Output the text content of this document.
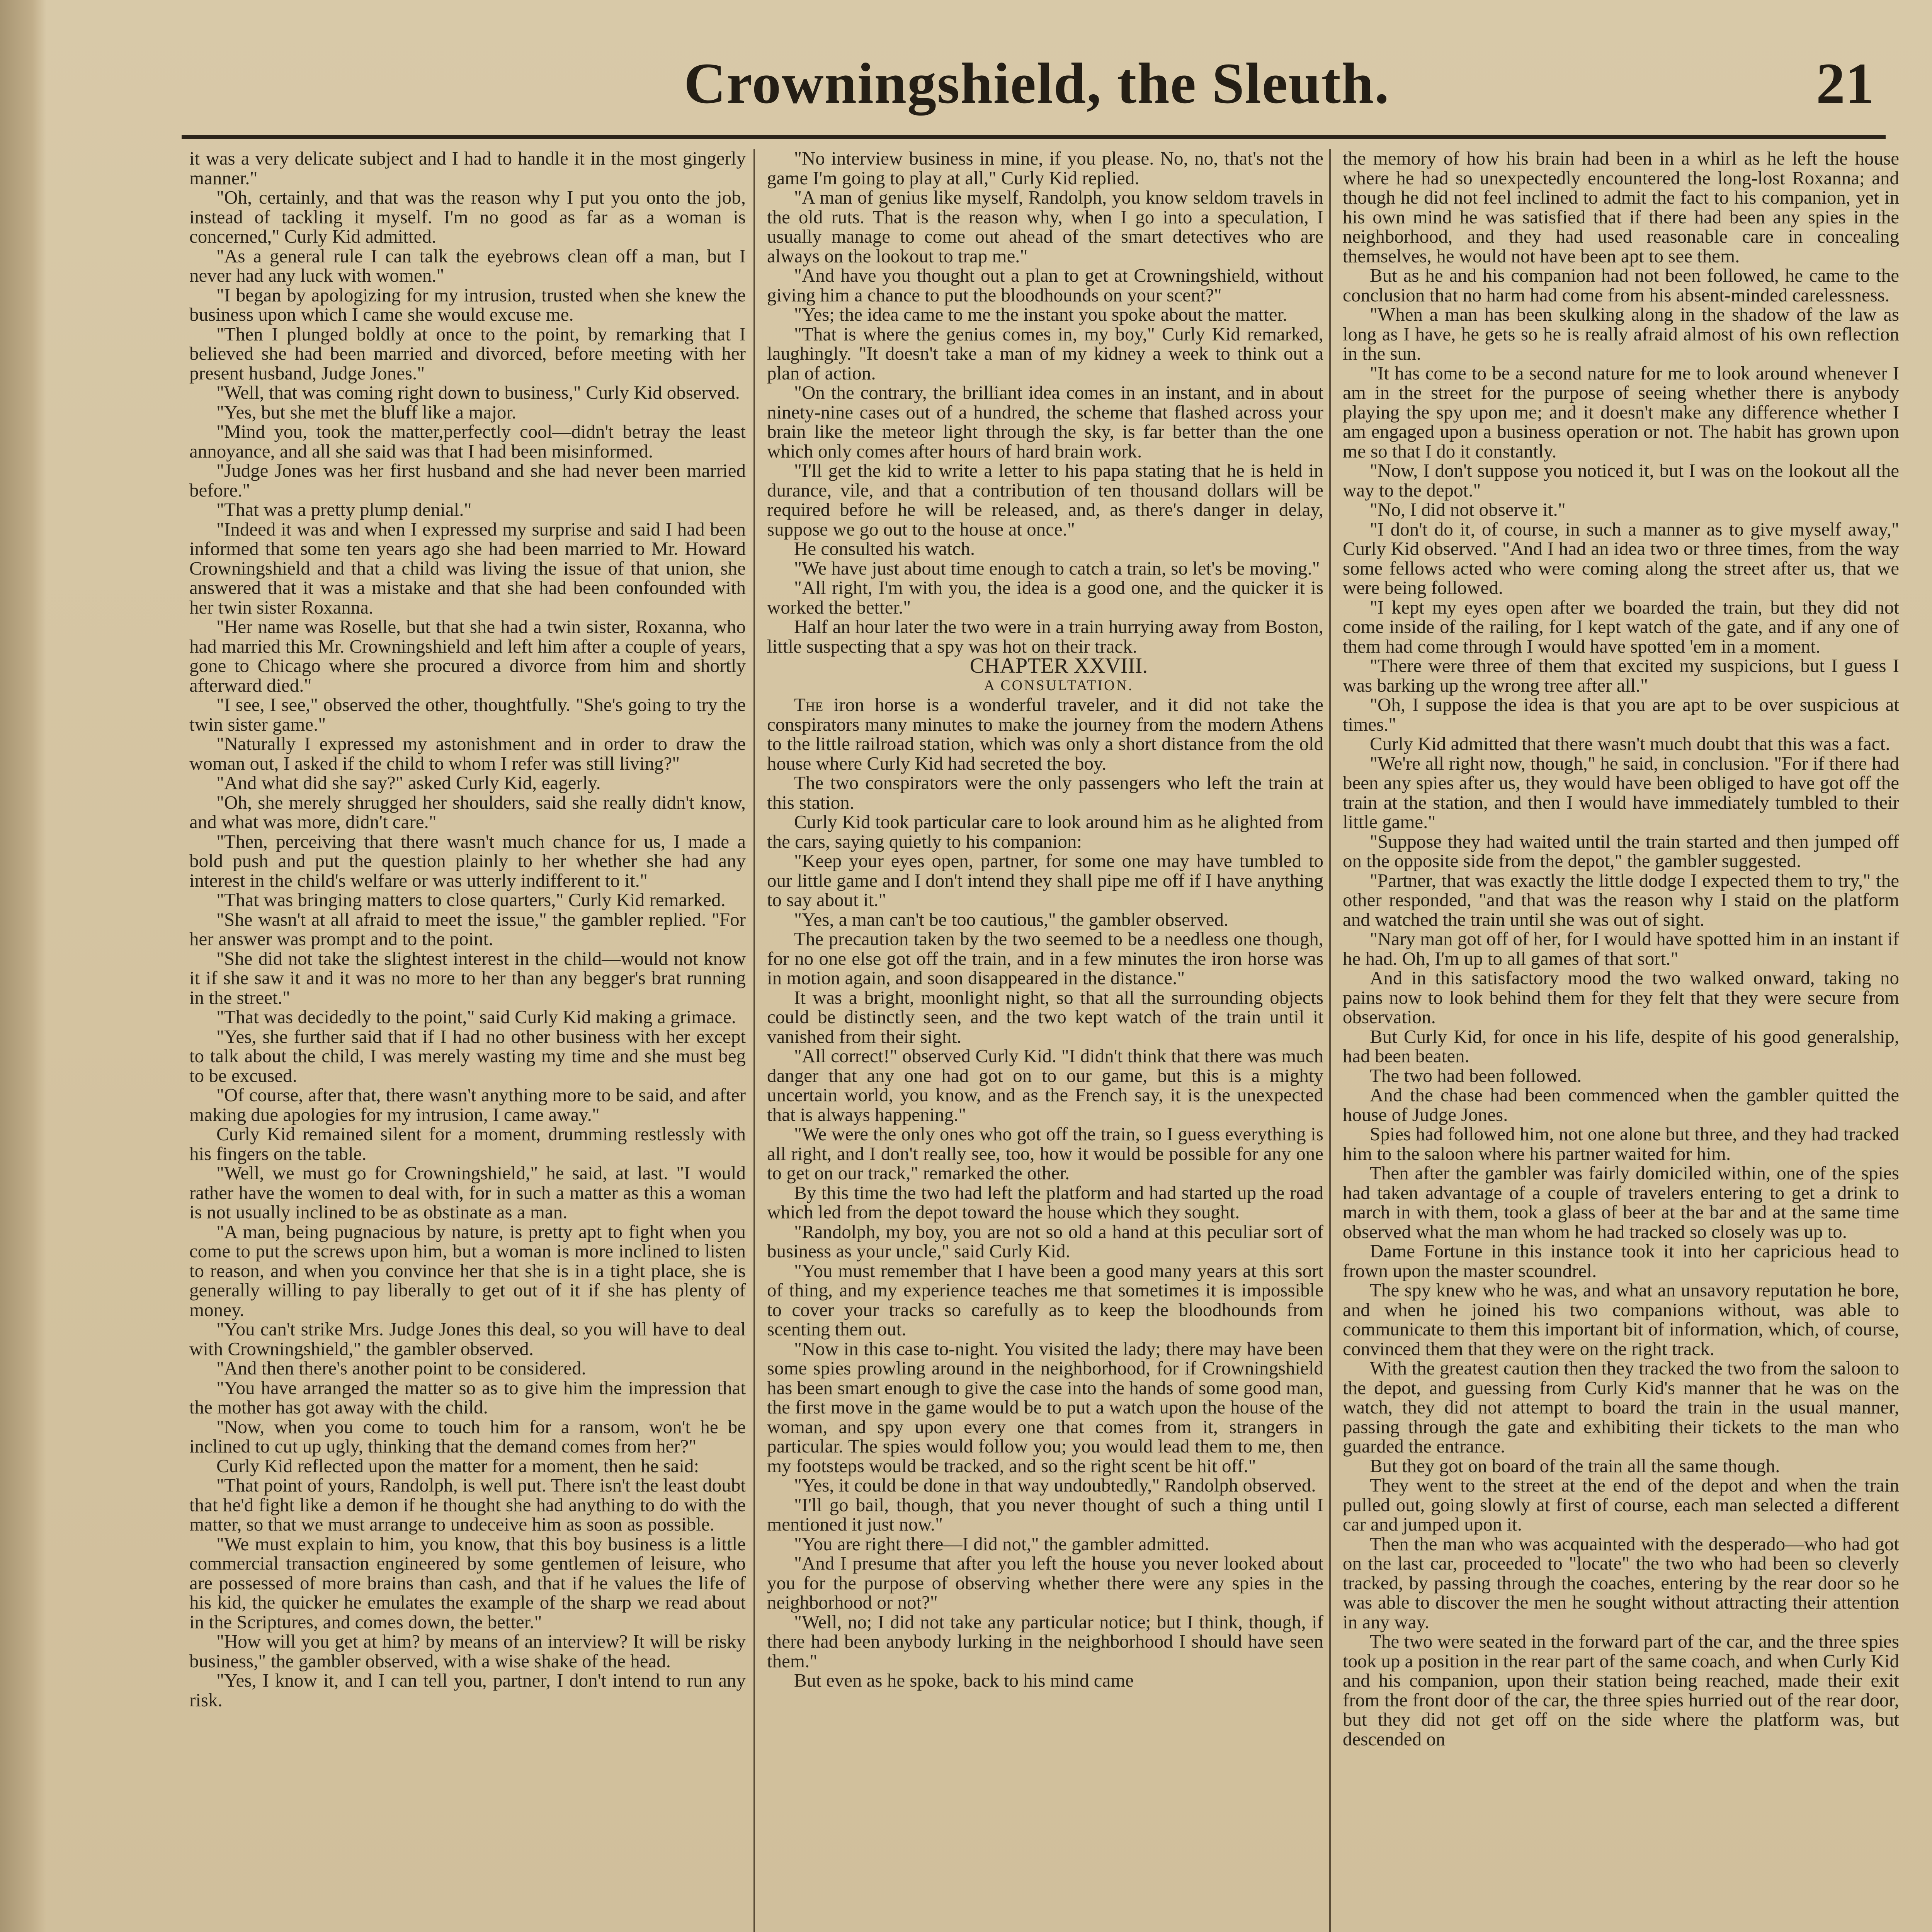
Crowningshield, the Sleuth.	21

it was a very delicate subject and I had to handle it in the most gingerly manner."

"Oh, certainly, and that was the reason why I put you onto the job, instead of tackling it myself. I'm no good as far as a woman is concerned," Curly Kid admitted.

"As a general rule I can talk the eyebrows clean off a man, but I never had any luck with women."

"I began by apologizing for my intrusion, trusted when she knew the business upon which I came she would excuse me.

"Then I plunged boldly at once to the point, by remarking that I believed she had been married and divorced, before meeting with her present husband, Judge Jones."

"Well, that was coming right down to business," Curly Kid observed.

"Yes, but she met the bluff like a major.

"Mind you, took the matter,perfectly cool—didn't betray the least annoyance, and all she said was that I had been misinformed.

"Judge Jones was her first husband and she had never been married before."

"That was a pretty plump denial."

"Indeed it was and when I expressed my surprise and said I had been informed that some ten years ago she had been married to Mr. Howard Crowningshield and that a child was living the issue of that union, she answered that it was a mistake and that she had been confounded with her twin sister Roxanna.

"Her name was Roselle, but that she had a twin sister, Roxanna, who had married this Mr. Crowningshield and left him after a couple of years, gone to Chicago where she procured a divorce from him and shortly afterward died."

"I see, I see," observed the other, thoughtfully. "She's going to try the twin sister game."

"Naturally I expressed my astonishment and in order to draw the woman out, I asked if the child to whom I refer was still living?"

"And what did she say?" asked Curly Kid, eagerly.

"Oh, she merely shrugged her shoulders, said she really didn't know, and what was more, didn't care."

"Then, perceiving that there wasn't much chance for us, I made a bold push and put the question plainly to her whether she had any interest in the child's welfare or was utterly indifferent to it."

"That was bringing matters to close quarters," Curly Kid remarked.

"She wasn't at all afraid to meet the issue," the gambler replied. "For her answer was prompt and to the point.

"She did not take the slightest interest in the child—would not know it if she saw it and it was no more to her than any begger's brat running in the street."

"That was decidedly to the point," said Curly Kid making a grimace.

"Yes, she further said that if I had no other business with her except to talk about the child, I was merely wasting my time and she must beg to be excused.

"Of course, after that, there wasn't anything more to be said, and after making due apologies for my intrusion, I came away."

Curly Kid remained silent for a moment, drumming restlessly with his fingers on the table.

"Well, we must go for Crowningshield," he said, at last. "I would rather have the women to deal with, for in such a matter as this a woman is not usually inclined to be as obstinate as a man.

"A man, being pugnacious by nature, is pretty apt to fight when you come to put the screws upon him, but a woman is more inclined to listen to reason, and when you convince her that she is in a tight place, she is generally willing to pay liberally to get out of it if she has plenty of money.

"You can't strike Mrs. Judge Jones this deal, so you will have to deal with Crowningshield," the gambler observed.

"And then there's another point to be considered.

"You have arranged the matter so as to give him the impression that the mother has got away with the child.

"Now, when you come to touch him for a ransom, won't he be inclined to cut up ugly, thinking that the demand comes from her?"

Curly Kid reflected upon the matter for a moment, then he said:

"That point of yours, Randolph, is well put. There isn't the least doubt that he'd fight like a demon if he thought she had anything to do with the matter, so that we must arrange to undeceive him as soon as possible.

"We must explain to him, you know, that this boy business is a little commercial transaction engineered by some gentlemen of leisure, who are possessed of more brains than cash, and that if he values the life of his kid, the quicker he emulates the example of the sharp we read about in the Scriptures, and comes down, the better."

"How will you get at him? by means of an interview? It will be risky business," the gambler observed, with a wise shake of the head.

"Yes, I know it, and I can tell you, partner, I don't intend to run any risk.

"No interview business in mine, if you please. No, no, that's not the game I'm going to play at all," Curly Kid replied.

"A man of genius like myself, Randolph, you know seldom travels in the old ruts. That is the reason why, when I go into a speculation, I usually manage to come out ahead of the smart detectives who are always on the lookout to trap me."

"And have you thought out a plan to get at Crowningshield, without giving him a chance to put the bloodhounds on your scent?"

"Yes; the idea came to me the instant you spoke about the matter.

"That is where the genius comes in, my boy," Curly Kid remarked, laughingly. "It doesn't take a man of my kidney a week to think out a plan of action.

"On the contrary, the brilliant idea comes in an instant, and in about ninety-nine cases out of a hundred, the scheme that flashed across your brain like the meteor light through the sky, is far better than the one which only comes after hours of hard brain work.

"I'll get the kid to write a letter to his papa stating that he is held in durance, vile, and that a contribution of ten thousand dollars will be required before he will be released, and, as there's danger in delay, suppose we go out to the house at once."

He consulted his watch.

"We have just about time enough to catch a train, so let's be moving."

"All right, I'm with you, the idea is a good one, and the quicker it is worked the better."

Half an hour later the two were in a train hurrying away from Boston, little suspecting that a spy was hot on their track.

CHAPTER XXVIII.

A CONSULTATION.

The iron horse is a wonderful traveler, and it did not take the conspirators many minutes to make the journey from the modern Athens to the little railroad station, which was only a short distance from the old house where Curly Kid had secreted the boy.

The two conspirators were the only passengers who left the train at this station.

Curly Kid took particular care to look around him as he alighted from the cars, saying quietly to his companion:

"Keep your eyes open, partner, for some one may have tumbled to our little game and I don't intend they shall pipe me off if I have anything to say about it."

"Yes, a man can't be too cautious," the gambler observed.

The precaution taken by the two seemed to be a needless one though, for no one else got off the train, and in a few minutes the iron horse was in motion again, and soon disappeared in the distance."

It was a bright, moonlight night, so that all the surrounding objects could be distinctly seen, and the two kept watch of the train until it vanished from their sight.

"All correct!" observed Curly Kid. "I didn't think that there was much danger that any one had got on to our game, but this is a mighty uncertain world, you know, and as the French say, it is the unexpected that is always happening."

"We were the only ones who got off the train, so I guess everything is all right, and I don't really see, too, how it would be possible for any one to get on our track," remarked the other.

By this time the two had left the platform and had started up the road which led from the depot toward the house which they sought.

"Randolph, my boy, you are not so old a hand at this peculiar sort of business as your uncle," said Curly Kid.

"You must remember that I have been a good many years at this sort of thing, and my experience teaches me that sometimes it is impossible to cover your tracks so carefully as to keep the bloodhounds from scenting them out.

"Now in this case to-night. You visited the lady; there may have been some spies prowling around in the neighborhood, for if Crowningshield has been smart enough to give the case into the hands of some good man, the first move in the game would be to put a watch upon the house of the woman, and spy upon every one that comes from it, strangers in particular. The spies would follow you; you would lead them to me, then my footsteps would be tracked, and so the right scent be hit off."

"Yes, it could be done in that way undoubtedly," Randolph observed.

"I'll go bail, though, that you never thought of such a thing until I mentioned it just now."

"You are right there—I did not," the gambler admitted.

"And I presume that after you left the house you never looked about you for the purpose of observing whether there were any spies in the neighborhood or not?"

"Well, no; I did not take any particular notice; but I think, though, if there had been anybody lurking in the neighborhood I should have seen them."

But even as he spoke, back to his mind came

the memory of how his brain had been in a whirl as he left the house where he had so unexpectedly encountered the long-lost Roxanna; and though he did not feel inclined to admit the fact to his companion, yet in his own mind he was satisfied that if there had been any spies in the neighborhood, and they had used reasonable care in concealing themselves, he would not have been apt to see them.

But as he and his companion had not been followed, he came to the conclusion that no harm had come from his absent-minded carelessness.

"When a man has been skulking along in the shadow of the law as long as I have, he gets so he is really afraid almost of his own reflection in the sun.

"It has come to be a second nature for me to look around whenever I am in the street for the purpose of seeing whether there is anybody playing the spy upon me; and it doesn't make any difference whether I am engaged upon a business operation or not. The habit has grown upon me so that I do it constantly.

"Now, I don't suppose you noticed it, but I was on the lookout all the way to the depot."

"No, I did not observe it."

"I don't do it, of course, in such a manner as to give myself away," Curly Kid observed. "And I had an idea two or three times, from the way some fellows acted who were coming along the street after us, that we were being followed.

"I kept my eyes open after we boarded the train, but they did not come inside of the railing, for I kept watch of the gate, and if any one of them had come through I would have spotted 'em in a moment.

"There were three of them that excited my suspicions, but I guess I was barking up the wrong tree after all."

"Oh, I suppose the idea is that you are apt to be over suspicious at times."

Curly Kid admitted that there wasn't much doubt that this was a fact.

"We're all right now, though," he said, in conclusion. "For if there had been any spies after us, they would have been obliged to have got off the train at the station, and then I would have immediately tumbled to their little game."

"Suppose they had waited until the train started and then jumped off on the opposite side from the depot," the gambler suggested.

"Partner, that was exactly the little dodge I expected them to try," the other responded, "and that was the reason why I staid on the platform and watched the train until she was out of sight.

"Nary man got off of her, for I would have spotted him in an instant if he had. Oh, I'm up to all games of that sort."

And in this satisfactory mood the two walked onward, taking no pains now to look behind them for they felt that they were secure from observation.

But Curly Kid, for once in his life, despite of his good generalship, had been beaten.

The two had been followed.

And the chase had been commenced when the gambler quitted the house of Judge Jones.

Spies had followed him, not one alone but three, and they had tracked him to the saloon where his partner waited for him.

Then after the gambler was fairly domiciled within, one of the spies had taken advantage of a couple of travelers entering to get a drink to march in with them, took a glass of beer at the bar and at the same time observed what the man whom he had tracked so closely was up to.

Dame Fortune in this instance took it into her capricious head to frown upon the master scoundrel.

The spy knew who he was, and what an unsavory reputation he bore, and when he joined his two companions without, was able to communicate to them this important bit of information, which, of course, convinced them that they were on the right track.

With the greatest caution then they tracked the two from the saloon to the depot, and guessing from Curly Kid's manner that he was on the watch, they did not attempt to board the train in the usual manner, passing through the gate and exhibiting their tickets to the man who guarded the entrance.

But they got on board of the train all the same though.

They went to the street at the end of the depot and when the train pulled out, going slowly at first of course, each man selected a different car and jumped upon it.

Then the man who was acquainted with the desperado—who had got on the last car, proceeded to "locate" the two who had been so cleverly tracked, by passing through the coaches, entering by the rear door so he was able to discover the men he sought without attracting their attention in any way.

The two were seated in the forward part of the car, and the three spies took up a position in the rear part of the same coach, and when Curly Kid and his companion, upon their station being reached, made their exit from the front door of the car, the three spies hurried out of the rear door, but they did not get off on the side where the platform was, but descended on
